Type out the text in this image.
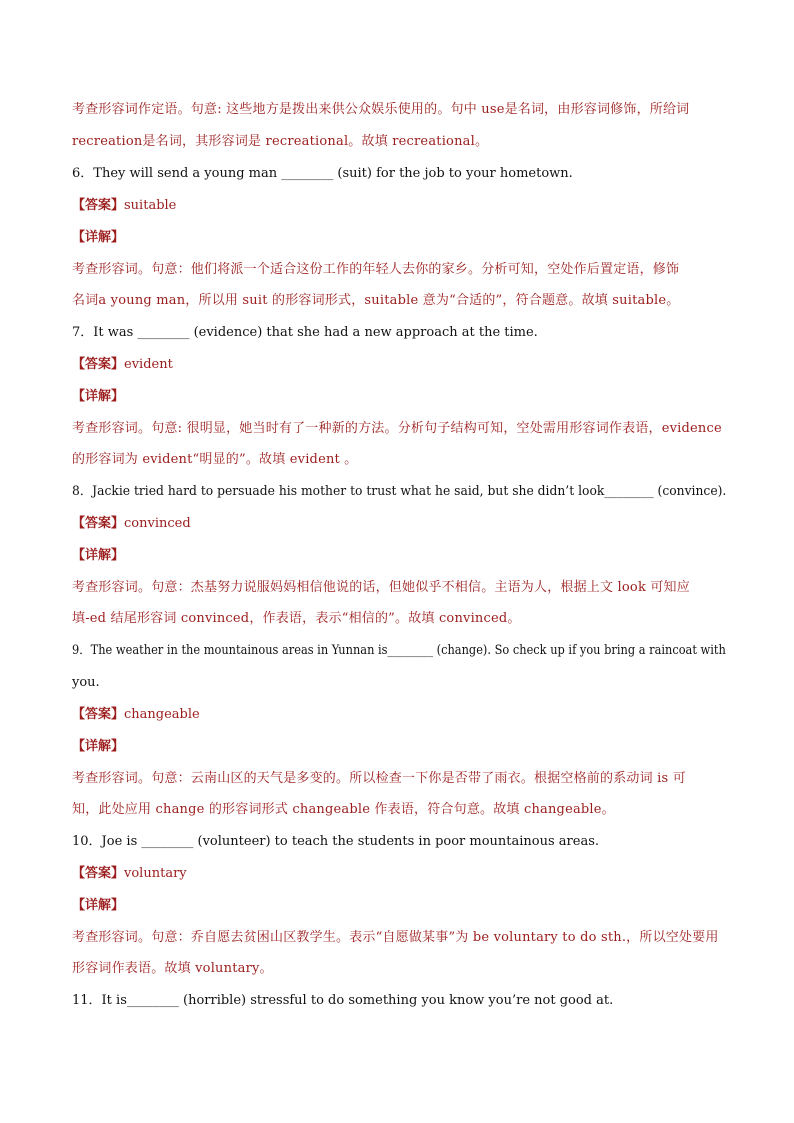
考查形容词作定语。句意: 这些地方是拨出来供公众娱乐使用的。句中 use是名词，由形容词修饰，所给词
recreation是名词，其形容词是 recreational。故填 recreational。
6．They will send a young man ________ (suit) for the job to your hometown.
【答案】suitable
【详解】
考查形容词。句意：他们将派一个适合这份工作的年轻人去你的家乡。分析可知，空处作后置定语，修饰
名词a young man，所以用 suit 的形容词形式，suitable 意为“合适的”，符合题意。故填 suitable。
7．It was ________ (evidence) that she had a new approach at the time.
【答案】evident
【详解】
考查形容词。句意: 很明显，她当时有了一种新的方法。分析句子结构可知，空处需用形容词作表语，evidence
的形容词为 evident“明显的”。故填 evident 。
8．Jackie tried hard to persuade his mother to trust what he said, but she didn’t look________ (convince).
【答案】convinced
【详解】
考查形容词。句意：杰基努力说服妈妈相信他说的话，但她似乎不相信。主语为人，根据上文 look 可知应
填-ed 结尾形容词 convinced，作表语，表示“相信的”。故填 convinced。
9．The weather in the mountainous areas in Yunnan is________ (change). So check up if you bring a raincoat with
you.
【答案】changeable
【详解】
考查形容词。句意：云南山区的天气是多变的。所以检查一下你是否带了雨衣。根据空格前的系动词 is 可
知，此处应用 change 的形容词形式 changeable 作表语，符合句意。故填 changeable。
10．Joe is ________ (volunteer) to teach the students in poor mountainous areas.
【答案】voluntary
【详解】
考查形容词。句意：乔自愿去贫困山区教学生。表示“自愿做某事”为 be voluntary to do sth.，所以空处要用
形容词作表语。故填 voluntary。
11．It is________ (horrible) stressful to do something you know you’re not good at.
